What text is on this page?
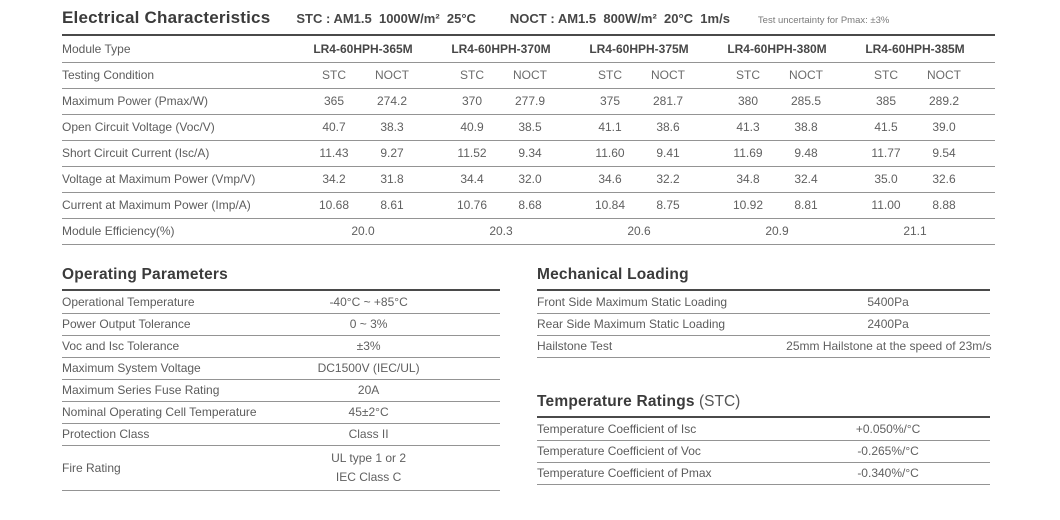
Electrical Characteristics STC : AM1.5  1000W/m²  25°C	NOCT : AM1.5  800W/m²  20°C  1m/s	Test uncertainty for Pmax: ±3%
Module Type	LR4-60HPH-365M			LR4-60HPH-370M			LR4-60HPH-375M			LR4-60HPH-380M			LR4-60HPH-385M		
Testing Condition	STC	NOCT		STC	NOCT		STC	NOCT		STC	NOCT		STC	NOCT	
Maximum Power (Pmax/W)	365	274.2		370	277.9		375	281.7		380	285.5		385	289.2	
Open Circuit Voltage (Voc/V)	40.7	38.3		40.9	38.5		41.1	38.6		41.3	38.8		41.5	39.0	
Short Circuit Current (Isc/A)	11.43	9.27		11.52	9.34		11.60	9.41		11.69	9.48		11.77	9.54	
Voltage at Maximum Power (Vmp/V)	34.2	31.8		34.4	32.0		34.6	32.2		34.8	32.4		35.0	32.6	
Current at Maximum Power (Imp/A)	10.68	8.61		10.76	8.68		10.84	8.75		10.92	8.81		11.00	8.88	
Module Efficiency(%)	20.0			20.3			20.6			20.9			21.1		
Operating Parameters
Operational Temperature	-40°C ~ +85°C
Power Output Tolerance	0 ~ 3%
Voc and Isc Tolerance	±3%
Maximum System Voltage	DC1500V (IEC/UL)
Maximum Series Fuse Rating	20A
Nominal Operating Cell Temperature	45±2°C
Protection Class	Class II
Fire Rating	UL type 1 or 2
IEC Class C
Mechanical Loading
Front Side Maximum Static Loading	5400Pa
Rear Side Maximum Static Loading	2400Pa
Hailstone Test	25mm Hailstone at the speed of 23m/s
Temperature Ratings (STC)
Temperature Coefficient of Isc	+0.050%/°C
Temperature Coefficient of Voc	-0.265%/°C
Temperature Coefficient of Pmax	-0.340%/°C
